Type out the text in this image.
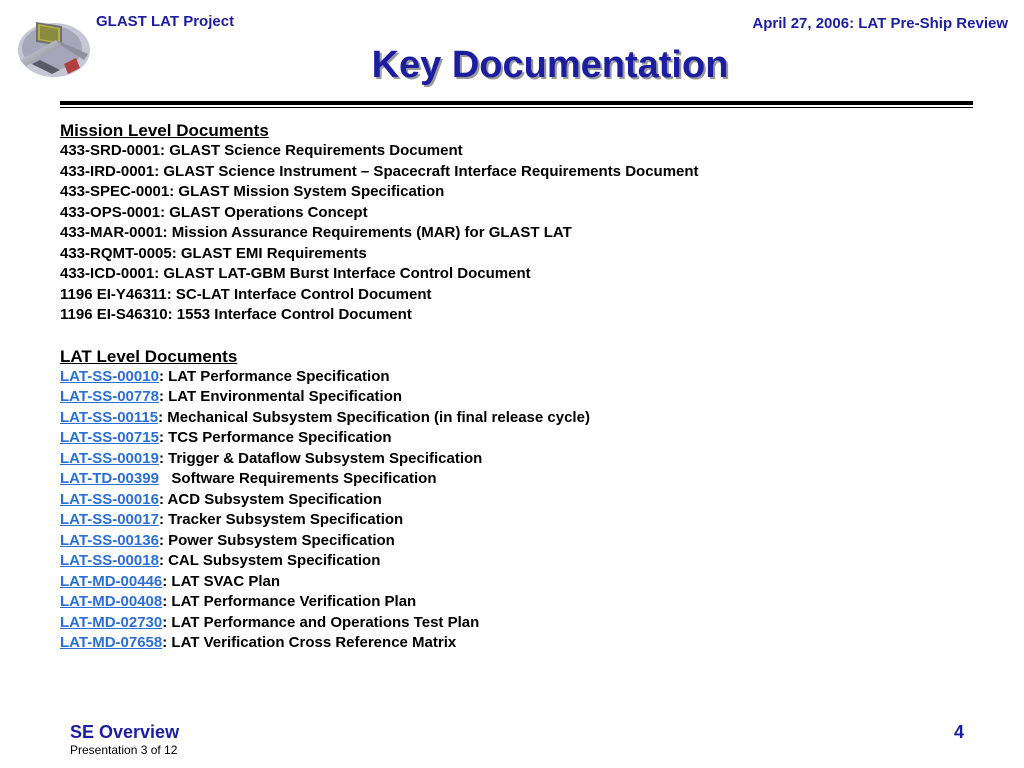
GLAST LAT Project	April 27, 2006: LAT Pre-Ship Review
Key Documentation
Mission Level Documents
433-SRD-0001: GLAST Science Requirements Document
433-IRD-0001: GLAST Science Instrument – Spacecraft Interface Requirements Document
433-SPEC-0001: GLAST Mission System Specification
433-OPS-0001: GLAST Operations Concept
433-MAR-0001: Mission Assurance Requirements (MAR) for GLAST LAT
433-RQMT-0005: GLAST EMI Requirements
433-ICD-0001: GLAST LAT-GBM Burst Interface Control Document
1196 EI-Y46311: SC-LAT Interface Control Document
1196 EI-S46310: 1553 Interface Control Document
LAT Level Documents
LAT-SS-00010: LAT Performance Specification
LAT-SS-00778: LAT Environmental Specification
LAT-SS-00115: Mechanical Subsystem Specification (in final release cycle)
LAT-SS-00715: TCS Performance Specification
LAT-SS-00019: Trigger & Dataflow Subsystem Specification
LAT-TD-00399   Software Requirements Specification
LAT-SS-00016: ACD Subsystem Specification
LAT-SS-00017: Tracker Subsystem Specification
LAT-SS-00136: Power Subsystem Specification
LAT-SS-00018: CAL Subsystem Specification
LAT-MD-00446: LAT SVAC Plan
LAT-MD-00408: LAT Performance Verification Plan
LAT-MD-02730: LAT Performance and Operations Test Plan
LAT-MD-07658: LAT Verification Cross Reference Matrix
SE Overview
Presentation 3 of 12
4
